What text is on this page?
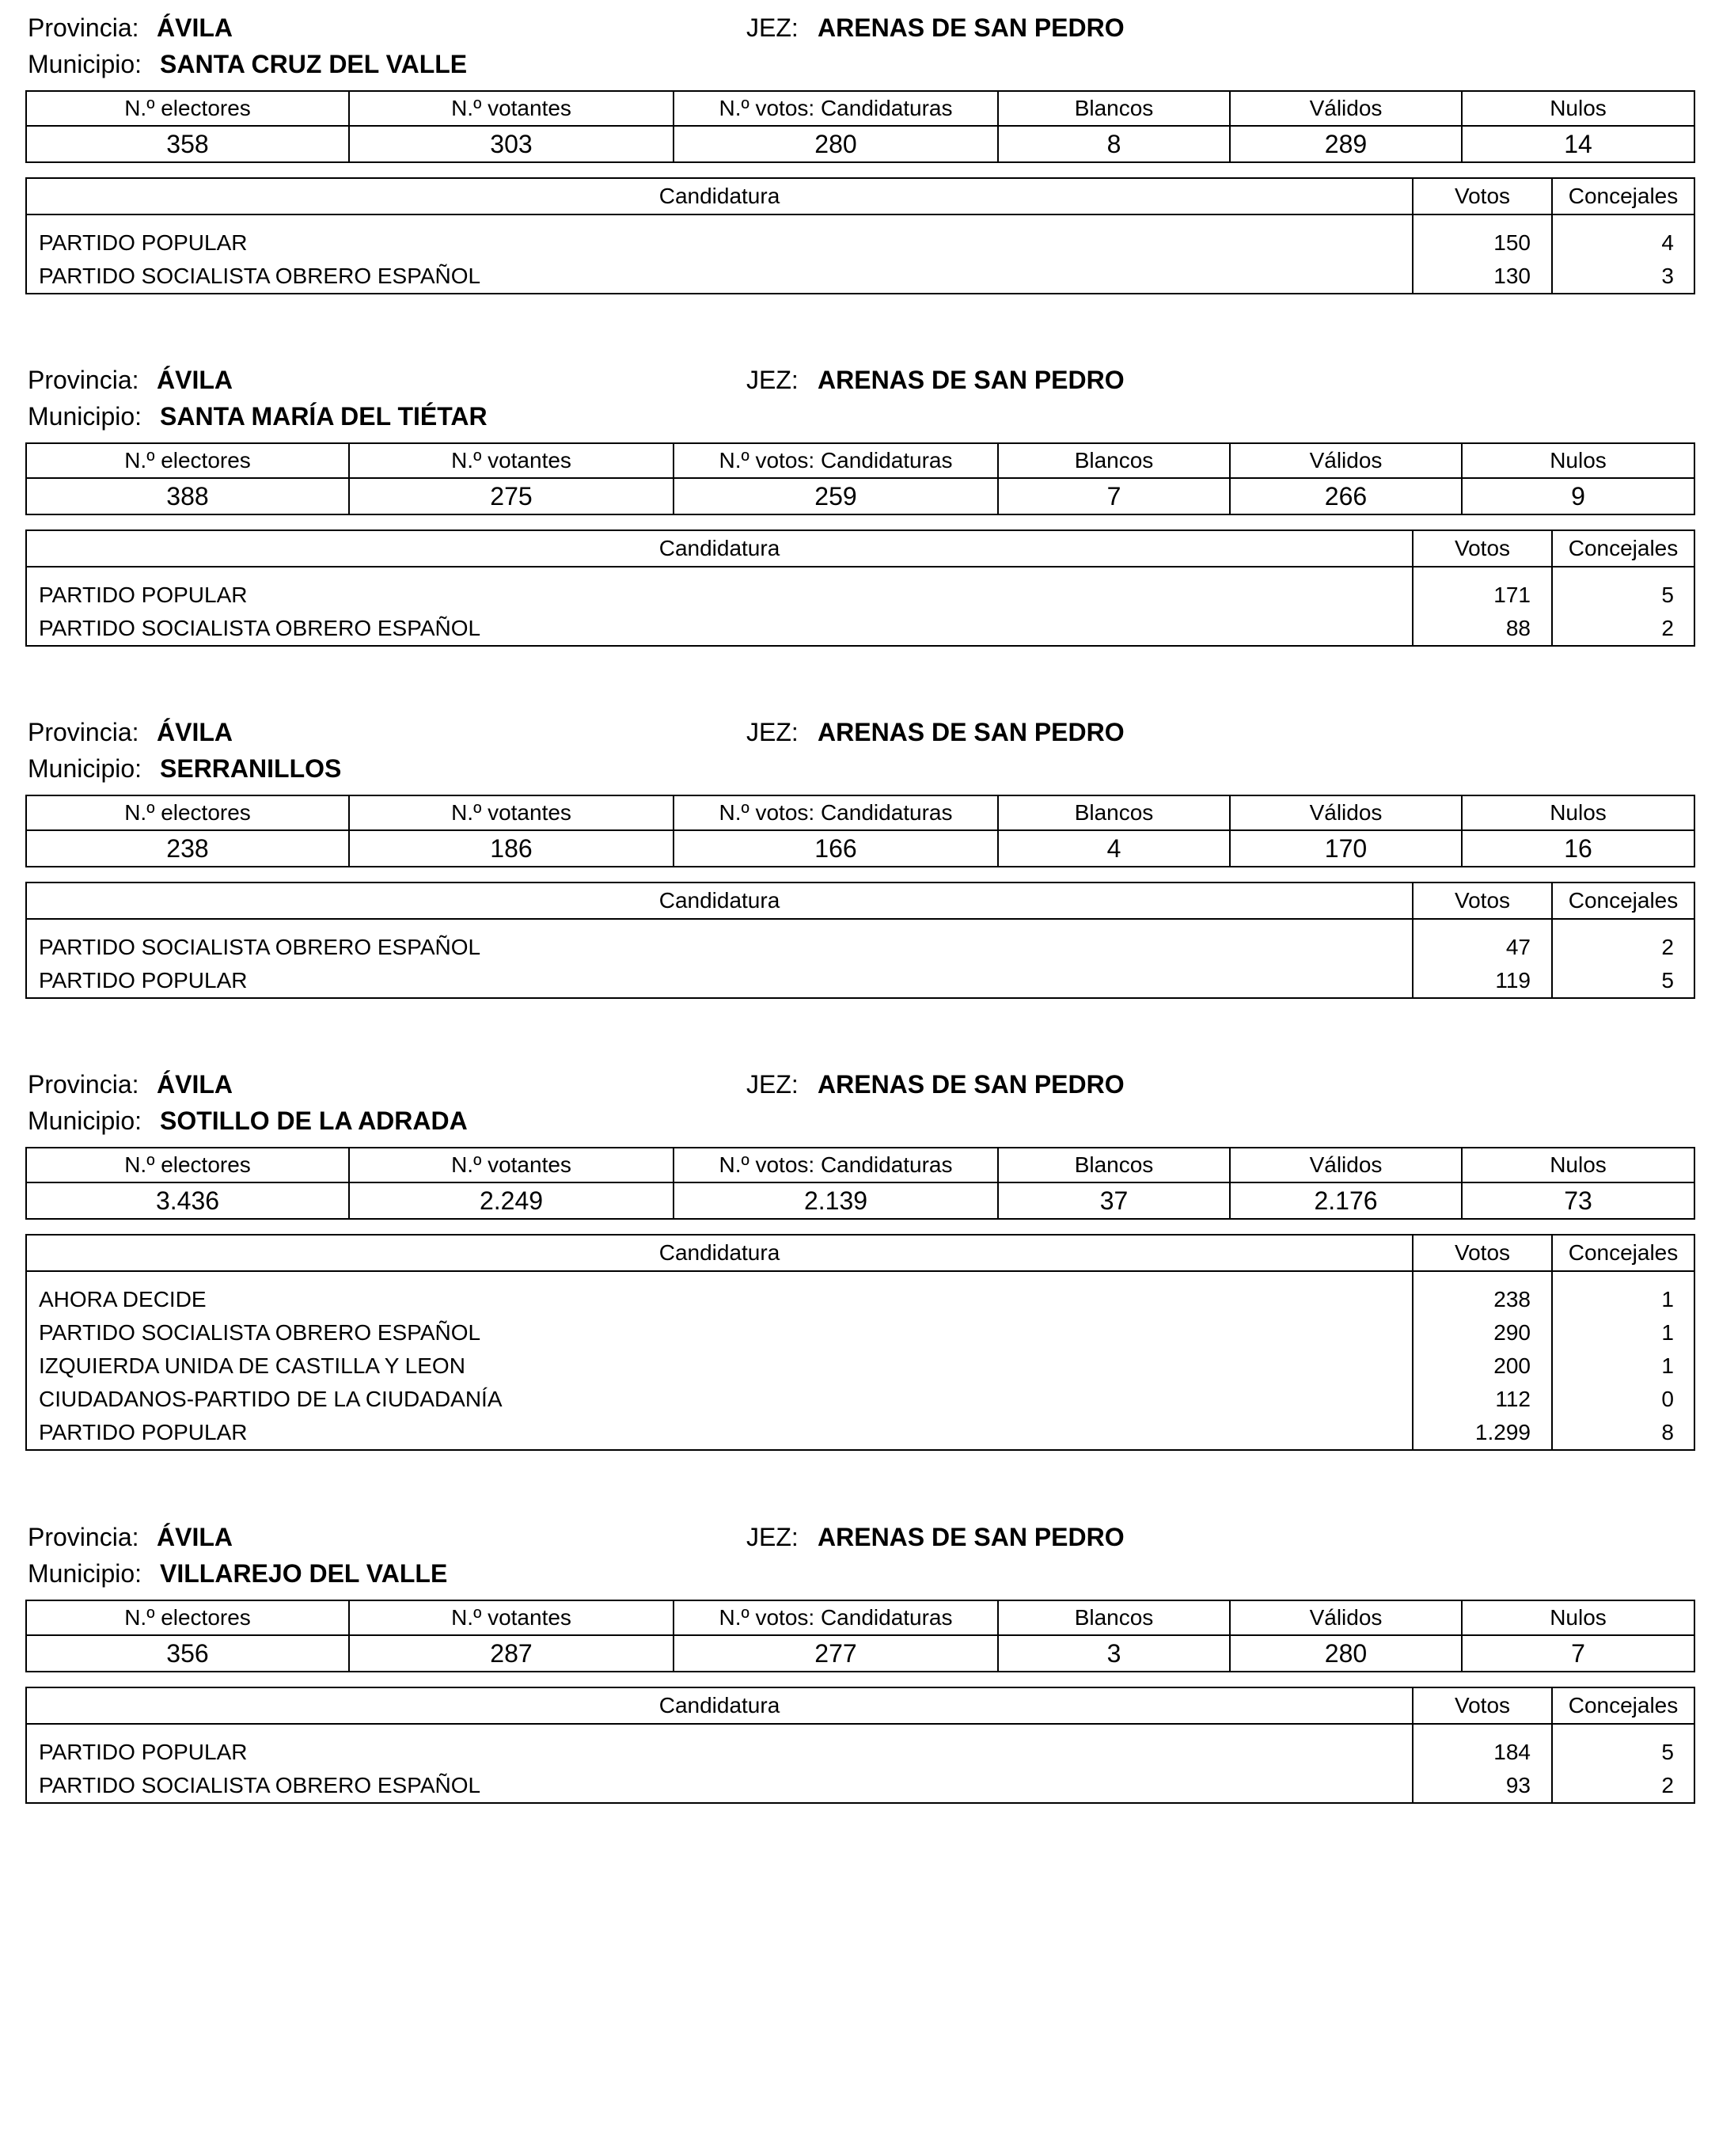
Provincia: ÁVILA	JEZ: ARENAS DE SAN PEDRO
Municipio: SANTA CRUZ DEL VALLE
N.º electores	N.º votantes	N.º votos: Candidaturas	Blancos	Válidos	Nulos
358	303	280	8	289	14
Candidatura	Votos	Concejales
PARTIDO POPULAR	150	4
PARTIDO SOCIALISTA OBRERO ESPAÑOL	130	3
Provincia: ÁVILA	JEZ: ARENAS DE SAN PEDRO
Municipio: SANTA MARÍA DEL TIÉTAR
N.º electores	N.º votantes	N.º votos: Candidaturas	Blancos	Válidos	Nulos
388	275	259	7	266	9
Candidatura	Votos	Concejales
PARTIDO POPULAR	171	5
PARTIDO SOCIALISTA OBRERO ESPAÑOL	88	2
Provincia: ÁVILA	JEZ: ARENAS DE SAN PEDRO
Municipio: SERRANILLOS
N.º electores	N.º votantes	N.º votos: Candidaturas	Blancos	Válidos	Nulos
238	186	166	4	170	16
Candidatura	Votos	Concejales
PARTIDO SOCIALISTA OBRERO ESPAÑOL	47	2
PARTIDO POPULAR	119	5
Provincia: ÁVILA	JEZ: ARENAS DE SAN PEDRO
Municipio: SOTILLO DE LA ADRADA
N.º electores	N.º votantes	N.º votos: Candidaturas	Blancos	Válidos	Nulos
3.436	2.249	2.139	37	2.176	73
Candidatura	Votos	Concejales
AHORA DECIDE	238	1
PARTIDO SOCIALISTA OBRERO ESPAÑOL	290	1
IZQUIERDA UNIDA DE CASTILLA Y LEON	200	1
CIUDADANOS-PARTIDO DE LA CIUDADANÍA	112	0
PARTIDO POPULAR	1.299	8
Provincia: ÁVILA	JEZ: ARENAS DE SAN PEDRO
Municipio: VILLAREJO DEL VALLE
N.º electores	N.º votantes	N.º votos: Candidaturas	Blancos	Válidos	Nulos
356	287	277	3	280	7
Candidatura	Votos	Concejales
PARTIDO POPULAR	184	5
PARTIDO SOCIALISTA OBRERO ESPAÑOL	93	2
